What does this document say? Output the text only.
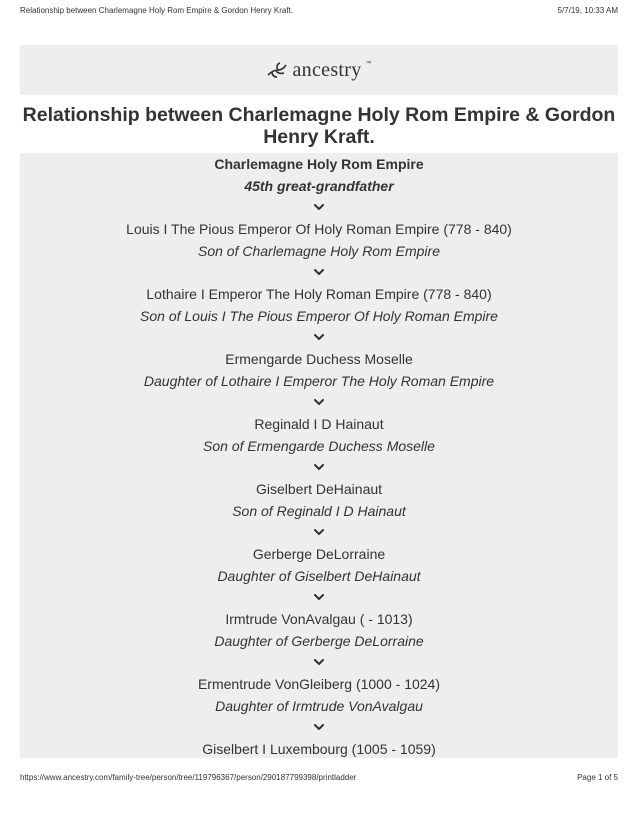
Relationship between Charlemagne Holy Rom Empire & Gordon Henry Kraft.	5/7/19, 10:33 AM
ancestry ™
Relationship between Charlemagne Holy Rom Empire & Gordon Henry Kraft.

Charlemagne Holy Rom Empire

45th great-grandfather

Louis I The Pious Emperor Of Holy Roman Empire (778 - 840)

Son of Charlemagne Holy Rom Empire

Lothaire I Emperor The Holy Roman Empire (778 - 840)

Son of Louis I The Pious Emperor Of Holy Roman Empire

Ermengarde Duchess Moselle

Daughter of Lothaire I Emperor The Holy Roman Empire

Reginald I D Hainaut

Son of Ermengarde Duchess Moselle

Giselbert DeHainaut

Son of Reginald I D Hainaut

Gerberge DeLorraine

Daughter of Giselbert DeHainaut

Irmtrude VonAvalgau ( - 1013)

Daughter of Gerberge DeLorraine

Ermentrude VonGleiberg (1000 - 1024)

Daughter of Irmtrude VonAvalgau

Giselbert I Luxembourg (1005 - 1059)

https://www.ancestry.com/family-tree/person/tree/119796367/person/290187799398/printladder	Page 1 of 5
